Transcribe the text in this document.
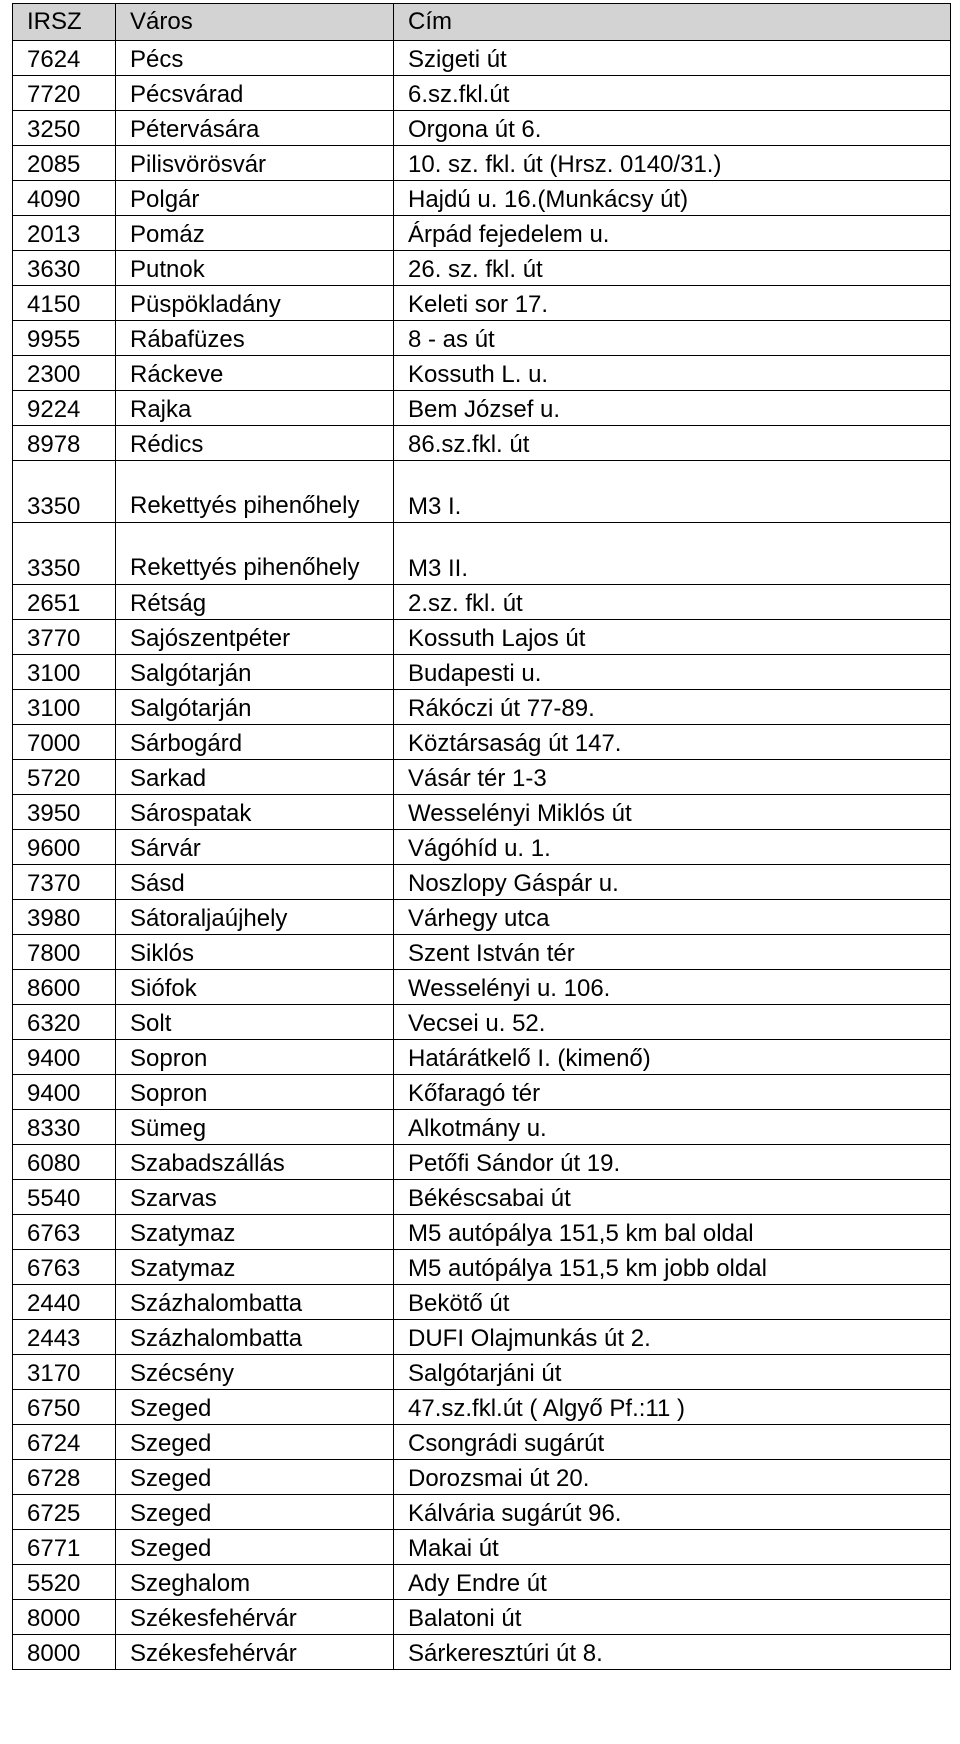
IRSZ	Város	Cím
7624	Pécs	Szigeti út
7720	Pécsvárad	6.sz.fkl.út
3250	Pétervására	Orgona út 6.
2085	Pilisvörösvár	10. sz. fkl. út (Hrsz. 0140/31.)
4090	Polgár	Hajdú u. 16.(Munkácsy út)
2013	Pomáz	Árpád fejedelem u.
3630	Putnok	26. sz. fkl. út
4150	Püspökladány	Keleti sor 17.
9955	Rábafüzes	8 - as út
2300	Ráckeve	Kossuth L. u.
9224	Rajka	Bem József u.
8978	Rédics	86.sz.fkl. út
3350	Rekettyés pihenőhely	M3 I.
3350	Rekettyés pihenőhely	M3 II.
2651	Rétság	2.sz. fkl. út
3770	Sajószentpéter	Kossuth Lajos út
3100	Salgótarján	Budapesti u.
3100	Salgótarján	Rákóczi út 77-89.
7000	Sárbogárd	Köztársaság út 147.
5720	Sarkad	Vásár tér 1-3
3950	Sárospatak	Wesselényi Miklós út
9600	Sárvár	Vágóhíd u. 1.
7370	Sásd	Noszlopy Gáspár u.
3980	Sátoraljaújhely	Várhegy utca
7800	Siklós	Szent István tér
8600	Siófok	Wesselényi u. 106.
6320	Solt	Vecsei u. 52.
9400	Sopron	Határátkelő I. (kimenő)
9400	Sopron	Kőfaragó tér
8330	Sümeg	Alkotmány u.
6080	Szabadszállás	Petőfi Sándor út 19.
5540	Szarvas	Békéscsabai út
6763	Szatymaz	M5 autópálya 151,5 km bal oldal
6763	Szatymaz	M5 autópálya 151,5 km jobb oldal
2440	Százhalombatta	Bekötő út
2443	Százhalombatta	DUFI Olajmunkás út 2.
3170	Szécsény	Salgótarjáni út
6750	Szeged	47.sz.fkl.út ( Algyő Pf.:11 )
6724	Szeged	Csongrádi sugárút
6728	Szeged	Dorozsmai út 20.
6725	Szeged	Kálvária sugárút 96.
6771	Szeged	Makai út
5520	Szeghalom	Ady Endre út
8000	Székesfehérvár	Balatoni út
8000	Székesfehérvár	Sárkeresztúri út 8.
